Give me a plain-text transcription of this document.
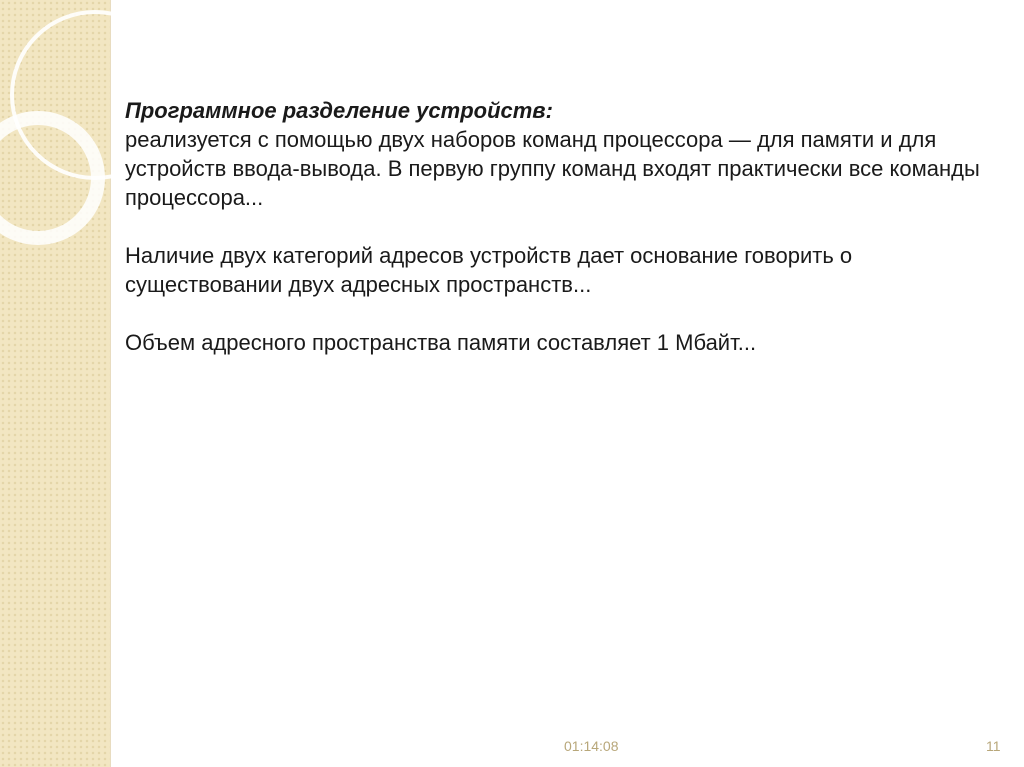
Программное разделение устройств:

реализуется с помощью двух наборов команд процессора — для памяти и для устройств ввода-вывода. В первую группу команд входят практически все команды процессора...

Наличие двух категорий адресов устройств дает основание говорить о существовании двух адресных пространств...

Объем адресного пространства памяти составляет 1 Мбайт...

01:14:08	11
